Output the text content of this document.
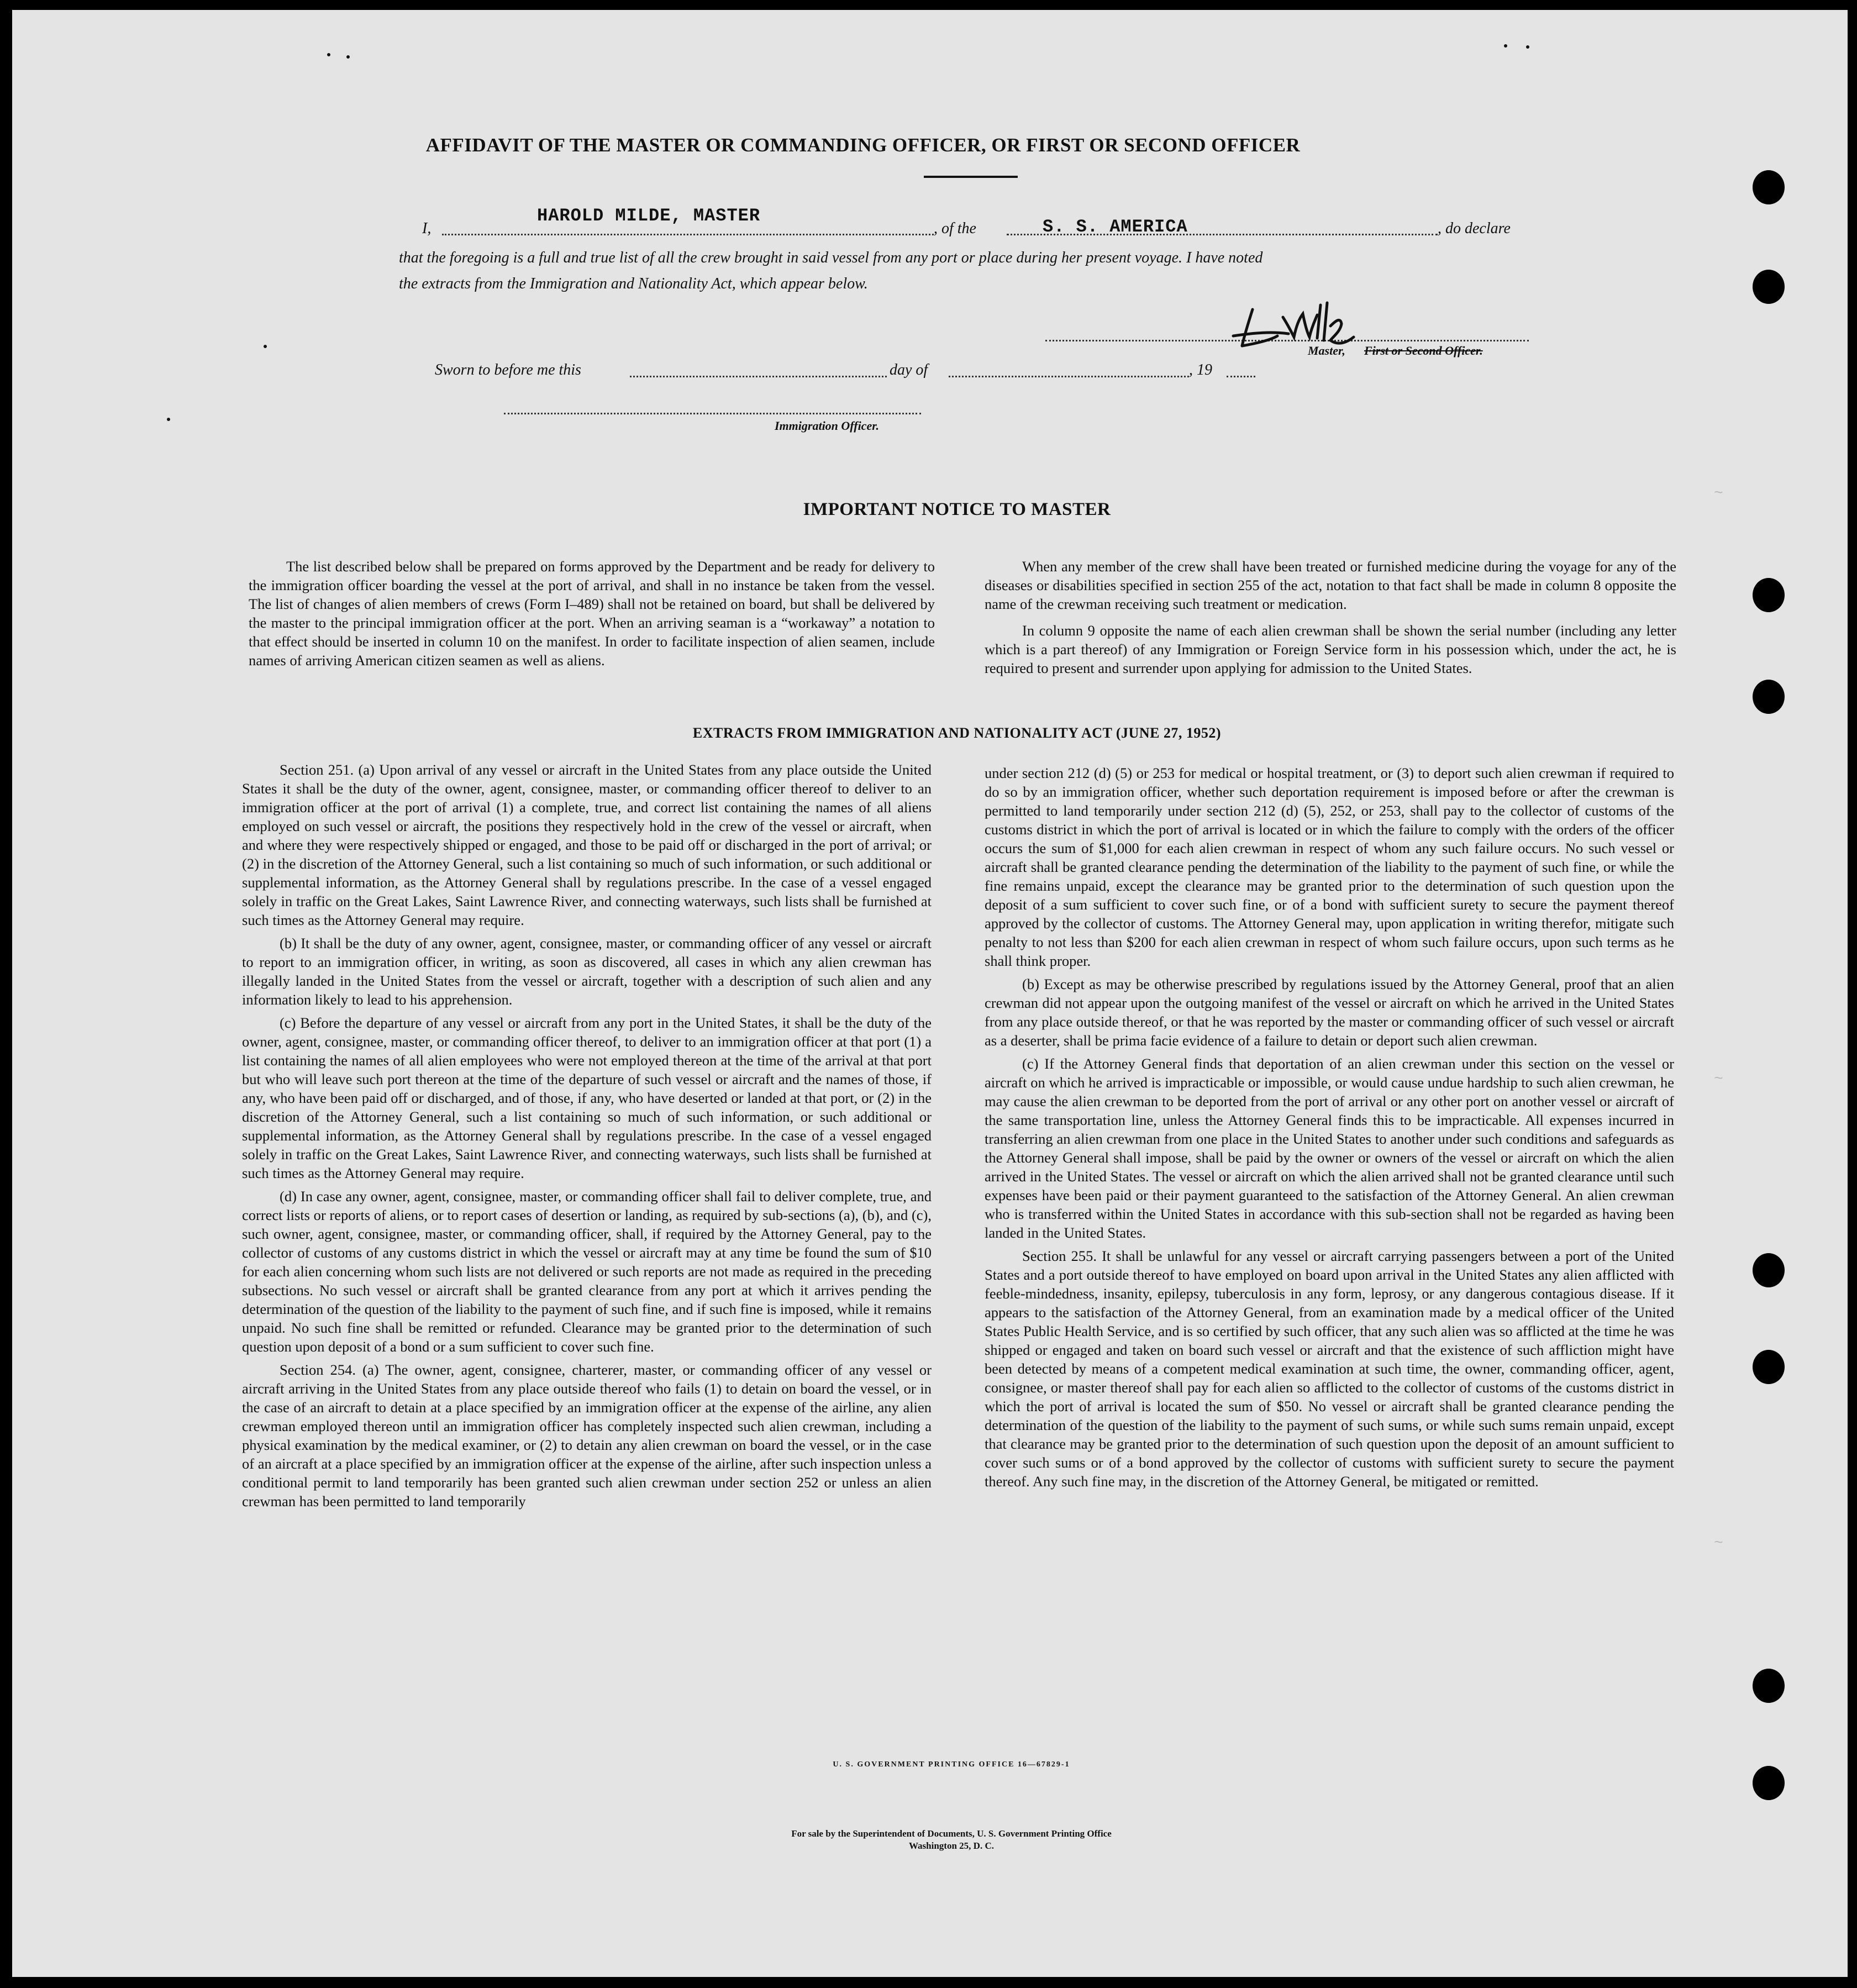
AFFIDAVIT OF THE MASTER OR COMMANDING OFFICER, OR FIRST OR SECOND OFFICER
I,
HAROLD MILDE, MASTER
, of the	S. S. AMERICA	, do declare
that the foregoing is a full and true list of all the crew brought in said vessel from any port or place during her present voyage. I have noted
the extracts from the Immigration and Nationality Act, which appear below.
Master, First or Second Officer.
Sworn to before me this	day of	, 19
Immigration Officer.
IMPORTANT NOTICE TO MASTER

The list described below shall be prepared on forms approved by the Department and be ready for delivery to the immigration officer boarding the vessel at the port of arrival, and shall in no instance be taken from the vessel. The list of changes of alien members of crews (Form I–489) shall not be retained on board, but shall be delivered by the master to the principal immigration officer at the port. When an arriving seaman is a “workaway” a notation to that effect should be inserted in column 10 on the manifest. In order to facilitate inspection of alien seamen, include names of arriving American citizen seamen as well as aliens.

When any member of the crew shall have been treated or furnished medicine during the voyage for any of the diseases or disabilities specified in section 255 of the act, notation to that fact shall be made in column 8 opposite the name of the crewman receiving such treatment or medication.

In column 9 opposite the name of each alien crewman shall be shown the serial number (including any letter which is a part thereof) of any Immigration or Foreign Service form in his possession which, under the act, he is required to present and surrender upon applying for admission to the United States.

EXTRACTS FROM IMMIGRATION AND NATIONALITY ACT (JUNE 27, 1952)

Section 251. (a) Upon arrival of any vessel or aircraft in the United States from any place outside the United States it shall be the duty of the owner, agent, consignee, master, or commanding officer thereof to deliver to an immigration officer at the port of arrival (1) a complete, true, and correct list containing the names of all aliens employed on such vessel or aircraft, the positions they respectively hold in the crew of the vessel or aircraft, when and where they were respectively shipped or engaged, and those to be paid off or discharged in the port of arrival; or (2) in the discretion of the Attorney General, such a list containing so much of such information, or such additional or supplemental information, as the Attorney General shall by regulations prescribe. In the case of a vessel engaged solely in traffic on the Great Lakes, Saint Lawrence River, and connecting waterways, such lists shall be furnished at such times as the Attorney General may require.

(b) It shall be the duty of any owner, agent, consignee, master, or commanding officer of any vessel or aircraft to report to an immigration officer, in writing, as soon as discovered, all cases in which any alien crewman has illegally landed in the United States from the vessel or aircraft, together with a description of such alien and any information likely to lead to his apprehension.

(c) Before the departure of any vessel or aircraft from any port in the United States, it shall be the duty of the owner, agent, consignee, master, or commanding officer thereof, to deliver to an immigration officer at that port (1) a list containing the names of all alien employees who were not employed thereon at the time of the arrival at that port but who will leave such port thereon at the time of the departure of such vessel or aircraft and the names of those, if any, who have been paid off or discharged, and of those, if any, who have deserted or landed at that port, or (2) in the discretion of the Attorney General, such a list containing so much of such information, or such additional or supplemental information, as the Attorney General shall by regulations prescribe. In the case of a vessel engaged solely in traffic on the Great Lakes, Saint Lawrence River, and connecting waterways, such lists shall be furnished at such times as the Attorney General may require.

(d) In case any owner, agent, consignee, master, or commanding officer shall fail to deliver complete, true, and correct lists or reports of aliens, or to report cases of desertion or landing, as required by sub-sections (a), (b), and (c), such owner, agent, consignee, master, or commanding officer, shall, if required by the Attorney General, pay to the collector of customs of any customs district in which the vessel or aircraft may at any time be found the sum of $10 for each alien concerning whom such lists are not delivered or such reports are not made as required in the preceding subsections. No such vessel or aircraft shall be granted clearance from any port at which it arrives pending the determination of the question of the liability to the payment of such fine, and if such fine is imposed, while it remains unpaid. No such fine shall be remitted or refunded. Clearance may be granted prior to the determination of such question upon deposit of a bond or a sum sufficient to cover such fine.

Section 254. (a) The owner, agent, consignee, charterer, master, or commanding officer of any vessel or aircraft arriving in the United States from any place outside thereof who fails (1) to detain on board the vessel, or in the case of an aircraft to detain at a place specified by an immigration officer at the expense of the airline, any alien crewman employed thereon until an immigration officer has completely inspected such alien crewman, including a physical examination by the medical examiner, or (2) to detain any alien crewman on board the vessel, or in the case of an aircraft at a place specified by an immigration officer at the expense of the airline, after such inspection unless a conditional permit to land temporarily has been granted such alien crewman under section 252 or unless an alien crewman has been permitted to land temporarily

under section 212 (d) (5) or 253 for medical or hospital treatment, or (3) to deport such alien crewman if required to do so by an immigration officer, whether such deportation requirement is imposed before or after the crewman is permitted to land temporarily under section 212 (d) (5), 252, or 253, shall pay to the collector of customs of the customs district in which the port of arrival is located or in which the failure to comply with the orders of the officer occurs the sum of $1,000 for each alien crewman in respect of whom any such failure occurs. No such vessel or aircraft shall be granted clearance pending the determination of the liability to the payment of such fine, or while the fine remains unpaid, except the clearance may be granted prior to the determination of such question upon the deposit of a sum sufficient to cover such fine, or of a bond with sufficient surety to secure the payment thereof approved by the collector of customs. The Attorney General may, upon application in writing therefor, mitigate such penalty to not less than $200 for each alien crewman in respect of whom such failure occurs, upon such terms as he shall think proper.

(b) Except as may be otherwise prescribed by regulations issued by the Attorney General, proof that an alien crewman did not appear upon the outgoing manifest of the vessel or aircraft on which he arrived in the United States from any place outside thereof, or that he was reported by the master or commanding officer of such vessel or aircraft as a deserter, shall be prima facie evidence of a failure to detain or deport such alien crewman.

(c) If the Attorney General finds that deportation of an alien crewman under this section on the vessel or aircraft on which he arrived is impracticable or impossible, or would cause undue hardship to such alien crewman, he may cause the alien crewman to be deported from the port of arrival or any other port on another vessel or aircraft of the same transportation line, unless the Attorney General finds this to be impracticable. All expenses incurred in transferring an alien crewman from one place in the United States to another under such conditions and safeguards as the Attorney General shall impose, shall be paid by the owner or owners of the vessel or aircraft on which the alien arrived in the United States. The vessel or aircraft on which the alien arrived shall not be granted clearance until such expenses have been paid or their payment guaranteed to the satisfaction of the Attorney General. An alien crewman who is transferred within the United States in accordance with this sub-section shall not be regarded as having been landed in the United States.

Section 255. It shall be unlawful for any vessel or aircraft carrying passengers between a port of the United States and a port outside thereof to have employed on board upon arrival in the United States any alien afflicted with feeble-mindedness, insanity, epilepsy, tuberculosis in any form, leprosy, or any dangerous contagious disease. If it appears to the satisfaction of the Attorney General, from an examination made by a medical officer of the United States Public Health Service, and is so certified by such officer, that any such alien was so afflicted at the time he was shipped or engaged and taken on board such vessel or aircraft and that the existence of such affliction might have been detected by means of a competent medical examination at such time, the owner, commanding officer, agent, consignee, or master thereof shall pay for each alien so afflicted to the collector of customs of the customs district in which the port of arrival is located the sum of $50. No vessel or aircraft shall be granted clearance pending the determination of the question of the liability to the payment of such sums, or while such sums remain unpaid, except that clearance may be granted prior to the determination of such question upon the deposit of an amount sufficient to cover such sums or of a bond approved by the collector of customs with sufficient surety to secure the payment thereof. Any such fine may, in the discretion of the Attorney General, be mitigated or remitted.

U. S. GOVERNMENT PRINTING OFFICE 16—67829-1
For sale by the Superintendent of Documents, U. S. Government Printing Office
Washington 25, D. C.
~
~
~
